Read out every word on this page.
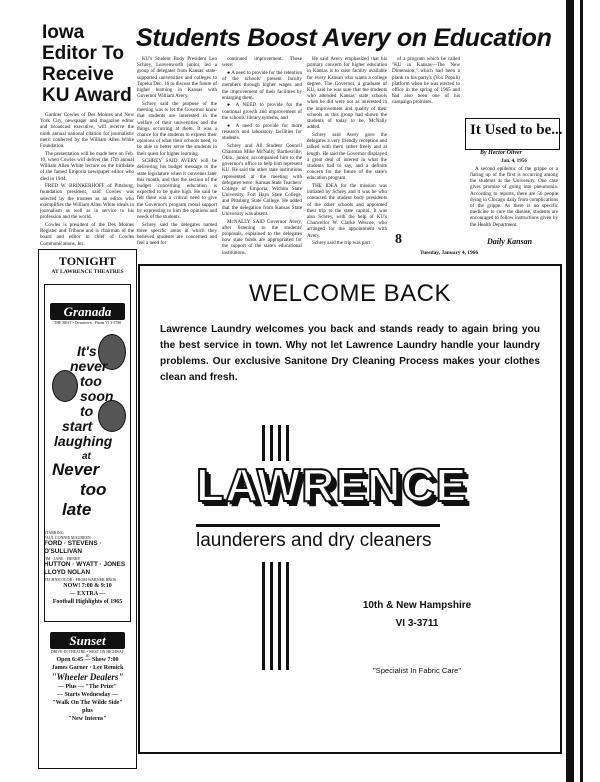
Iowa Editor To Receive KU Award

Gardner Cowles of Des Moines and New York City, newspaper and magazine editor and broadcast executive, will receive the ninth annual national citation for journalistic merit conferred by the William Allen White Foundation.

The presentation will be made here on Feb. 10, when Cowles will deliver the 17th annual William Allen White lecture on the birthdate of the famed Emporia newspaper editor who died in 1944.

FRED W. BRINKERHOFF of Pittsburg, foundation president, said Cowles was selected by the trustees as an editor who exemplifies the William Allen White ideals in journalism as well as in service to his profession and the world.

Cowles is president of the Des Moines Register and Tribune and is chairman of the board and editor in chief of Cowles Communications, Inc.

Students Boost Avery on Education

KU's Student Body President Leo Schrey, Leavenworth junior, led a group of delegates from Kansas' state-supported universities and colleges to Topeka Dec. 16 to discuss the future of higher learning in Kansas with Governor William Avery.

Schrey said the purpose of the meeting was to let the Governor know that students are interested in the welfare of their universities and the things occurring at them. It was a chance for the students to express their opinions of what their schools need, to be able to better serve the students in their quest for higher learning.

SCHREY SAID AVERY will be delivering his budget message to the state legislature when it convenes later this month, and that the section of the budget concerning education is expected to be quite high. He said he felt there was a critical need to give the Governor's program moral support by expressing to him the opinions and needs of the students.

Schrey said the delegates named three specific areas in which they believed students are concerned and feel a need for

continued improvement. These were:

● A need to provide for the retention of the schools' present faculty members through higher wages and the improvement of their facilities by enlarging them.

● A NEED to provide for the continual growth and improvement of the schools' library systems, and

● A need to provide for more research and laboratory facilities for students.

Schrey and All Student Council Chairman Mike McNally, Bartlesville, Okla., junior, accompanied him to the governor's office to help him represent KU. He said the other state institutions represented at the meeting with delegates were: Kansas State Teachers' College of Emporia, Wichita State University, Fort Hays State College, and Pittsburg State College. He added that the delegation from Kansas State University was absent.

McNALLY SAID Governor Avery, after listening to the students' proposals, explained to the delegates how state funds are appropriated for the support of the state's educational institutions.

He said Avery emphasized that his primary concern for higher education in Kansas is to raise facility available for every Kansan who wants a college degree. The Governor, a graduate of KU, said he was sure that the students who attended Kansas' state schools when he did were not as interested in the improvement and quality of their schools as this group had shown the students of today to be, McNally added.

Schrey said Avery gave the delegates a very friendly reception and talked with them rather freely and at length. He said the Governor displayed a great deal of interest in what the students had to say, and a definite concern for the future of the state's education program.

THE IDEA for the mission was initiated by Schrey and it was he who contacted the student body presidents of the other schools and appointed their trip to the state capitol. It was also Schrey, with the help of KU's Chancellor W. Clarke Wescoe, who arranged for the appointment with Avery.

Schrey said the trip was part

of a program which he called "KU in Kansas—The New Dimension," which had been a plank in his party's (Vox Populi) platform when he was elected to office in the spring of 1965 and had also been one of his campaign promises.

It Used to be...
By Hector Oliver

Jan. 4, 1956

A second epidemic of the grippe or a flaring up of the first is occurring among the students at the University. One case gives promise of going into pneumonia. According to reports, there are 50 people dying in Chicago daily from complications of the grippe. As there is no specific medicine to cure the disease, students are encouraged to follow instructions given by the Health Department.

8	Daily Kansan
Tuesday, January 4, 1966
TONIGHT
AT LAWRENCE THEATRES
Granada
THE BEST • Downtown · Phone VI 3-5788
It's
never
too
soon
to
start
laughing
at
Never
too
late
STARRING
PAUL CONNIE MAUREEN
FORD · STEVENS · O'SULLIVAN
JIM · JANE · HENRY
HUTTON · WYATT · JONES
LLOYD NOLAN
TECHNICOLOR · FROM WARNER BROS.
NOW! 7:00 & 9:10
— EXTRA —
Football Highlights of 1965
Sunset
DRIVE-IN THEATRE • WEST ON HIGHWAY 40
Open 6:45 — Show 7:00
James Garner · Lee Remick
"Wheeler Dealers"
— Plus — "The Prize"
— Starts Wednesday —
"Walk On The Wilde Side"
plus
"New Interns"
WELCOME BACK
Lawrence Laundry welcomes you back and stands ready to again bring you the best service in town. Why not let Lawrence Laundry handle your laundry problems. Our exclusive Sanitone Dry Cleaning Process makes your clothes clean and fresh.
LAWRENCE
launderers and dry cleaners
10th & New Hampshire
VI 3-3711
"Specialist In Fabric Care"
